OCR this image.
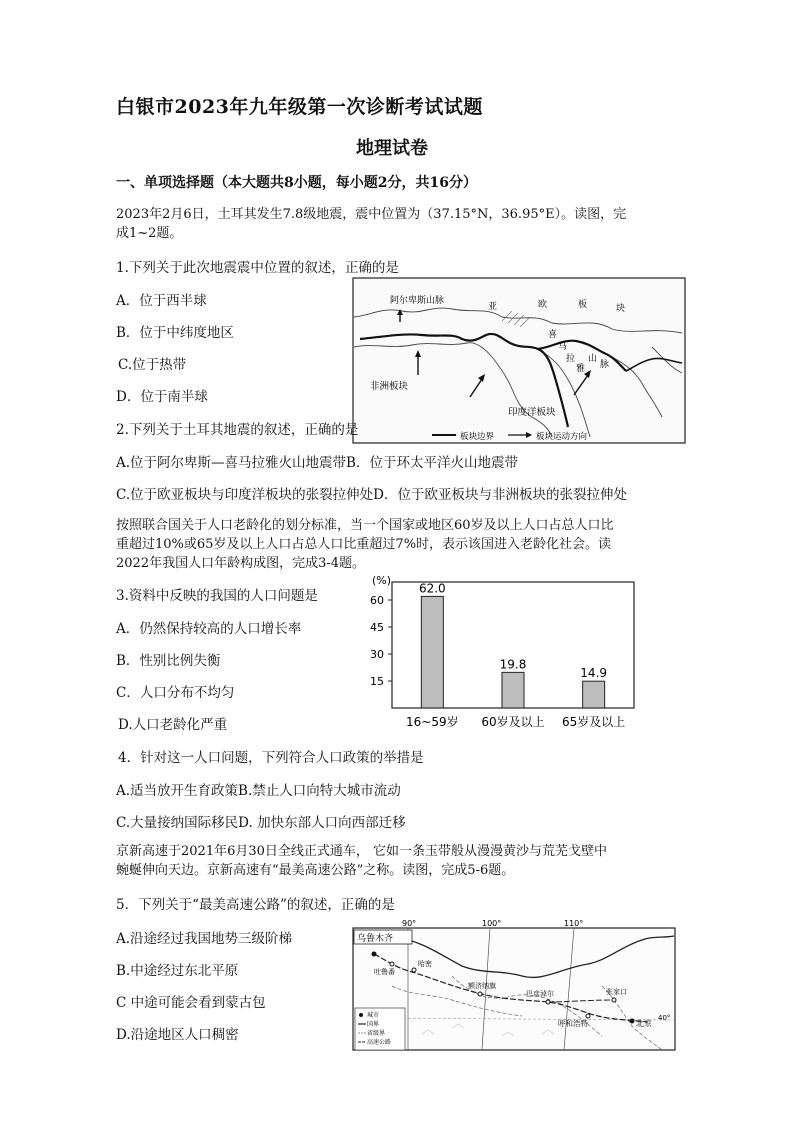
白银市2023年九年级第一次诊断考试试题
地理试卷
一、单项选择题（本大题共8小题，每小题2分，共16分）
2023年2月6日，土耳其发生7.8级地震，震中位置为（37.15°N，36.95°E）。读图，完
成1~2题。
1.下列关于此次地震震中位置的叙述，正确的是
A．位于西半球
B．位于中纬度地区
C.位于热带
D．位于南半球
阿尔卑斯山脉
亚	欧	板	块
喜
马
拉
雅
山
脉
非洲板块
印度洋板块
板块边界	板块运动方向
2.下列关于土耳其地震的叙述，正确的是
A.位于阿尔卑斯—喜马拉雅火山地震带B．位于环太平洋火山地震带
C.位于欧亚板块与印度洋板块的张裂拉伸处D．位于欧亚板块与非洲板块的张裂拉伸处
按照联合国关于人口老龄化的划分标准，当一个国家或地区60岁及以上人口占总人口比
重超过10%或65岁及以上人口占总人口比重超过7%时，表示该国进入老龄化社会。读
2022年我国人口年龄构成图，完成3-4题。
3.资料中反映的我国的人口问题是
A．仍然保持较高的人口增长率
B．性别比例失衡
C．人口分布不均匀
D.人口老龄化严重
(%)
60
45
30
15
62.0
19.8
14.9
16~59岁 60岁及以上 65岁及以上
4．针对这一人口问题，下列符合人口政策的举措是
A.适当放开生育政策B.禁止人口向特大城市流动
C.大量接纳国际移民D. 加快东部人口向西部迁移
京新高速于2021年6月30日全线正式通车， 它如一条玉带般从漫漫黄沙与荒芜戈壁中
蜿蜒伸向天边。京新高速有“最美高速公路”之称。读图，完成5-6题。
5．下列关于“最美高速公路”的叙述，正确的是
A.沿途经过我国地势三级阶梯
B.中途经过东北平原
C 中途可能会看到蒙古包
D.沿途地区人口稠密
90°	100°	110°
40°
乌鲁木齐
吐鲁番
哈密
额济纳旗
巴彦淖尔	张家口
呼和浩特	北京
城市
国界
省级界
高速公路
